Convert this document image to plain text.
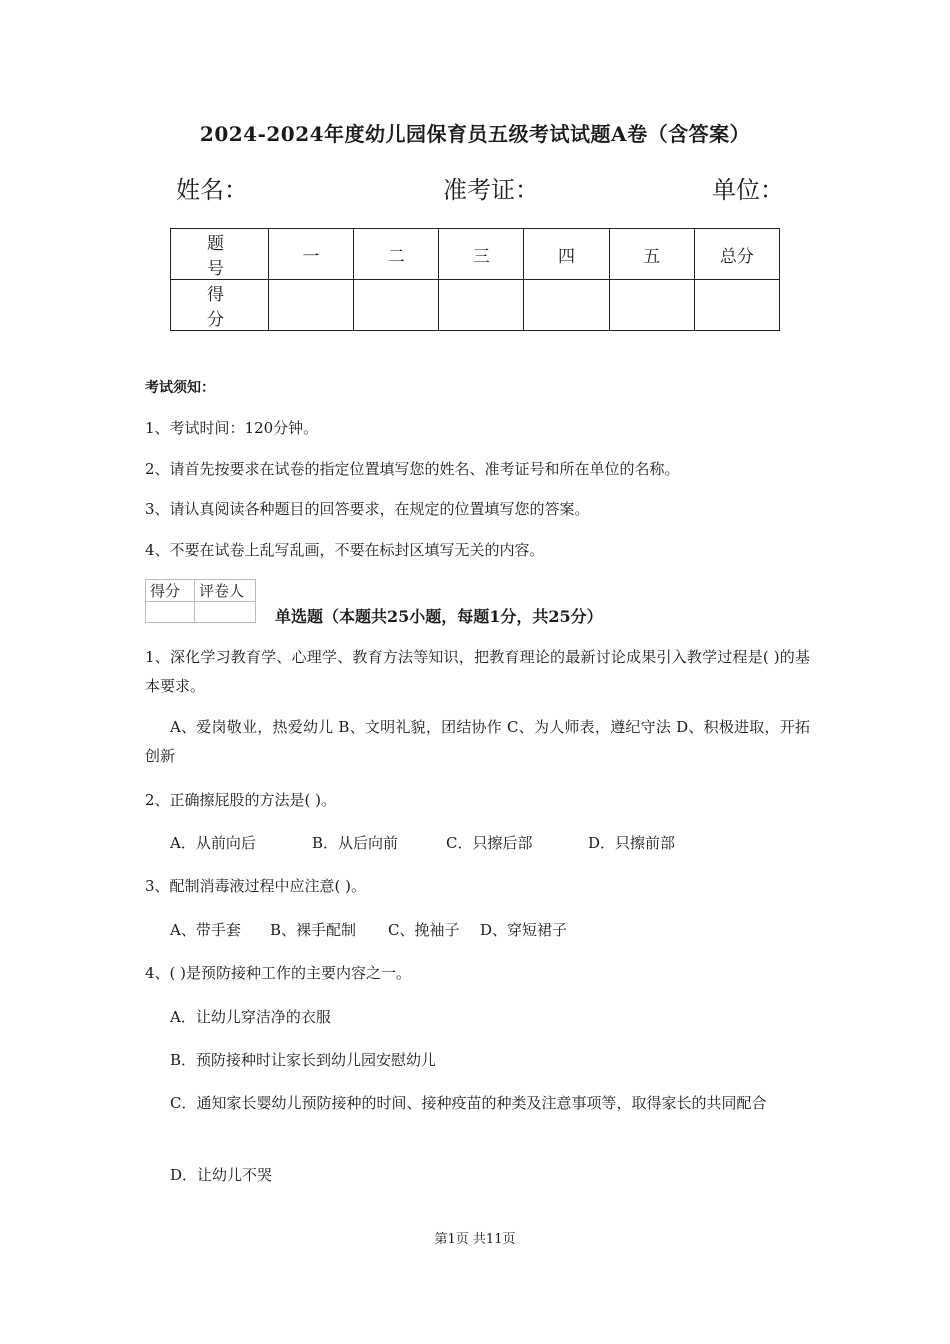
2024-2024年度幼儿园保育员五级考试试题A卷（含答案）
姓名：	准考证：	单位：
题 号	一	二	三	四	五	总分
得 分						
考试须知：
1、考试时间：120分钟。
2、请首先按要求在试卷的指定位置填写您的姓名、准考证号和所在单位的名称。
3、请认真阅读各种题目的回答要求，在规定的位置填写您的答案。
4、不要在试卷上乱写乱画，不要在标封区填写无关的内容。
得分	评卷人

单选题（本题共25小题，每题1分，共25分）
1、深化学习教育学、心理学、教育方法等知识，把教育理论的最新讨论成果引入教学过程是( )的基本要求。
A、爱岗敬业，热爱幼儿 B、文明礼貌，团结协作 C、为人师表，遵纪守法 D、积极进取，开拓创新
2、正确擦屁股的方法是( )。
A．从前向后	B．从后向前	C．只擦后部	D．只擦前部
3、配制消毒液过程中应注意( )。
A、带手套 B、裸手配制 C、挽袖子 D、穿短裙子
4、( )是预防接种工作的主要内容之一。
A．让幼儿穿洁净的衣服
B．预防接种时让家长到幼儿园安慰幼儿
C．通知家长婴幼儿预防接种的时间、接种疫苗的种类及注意事项等，取得家长的共同配合
D．让幼儿不哭
第1页 共11页
